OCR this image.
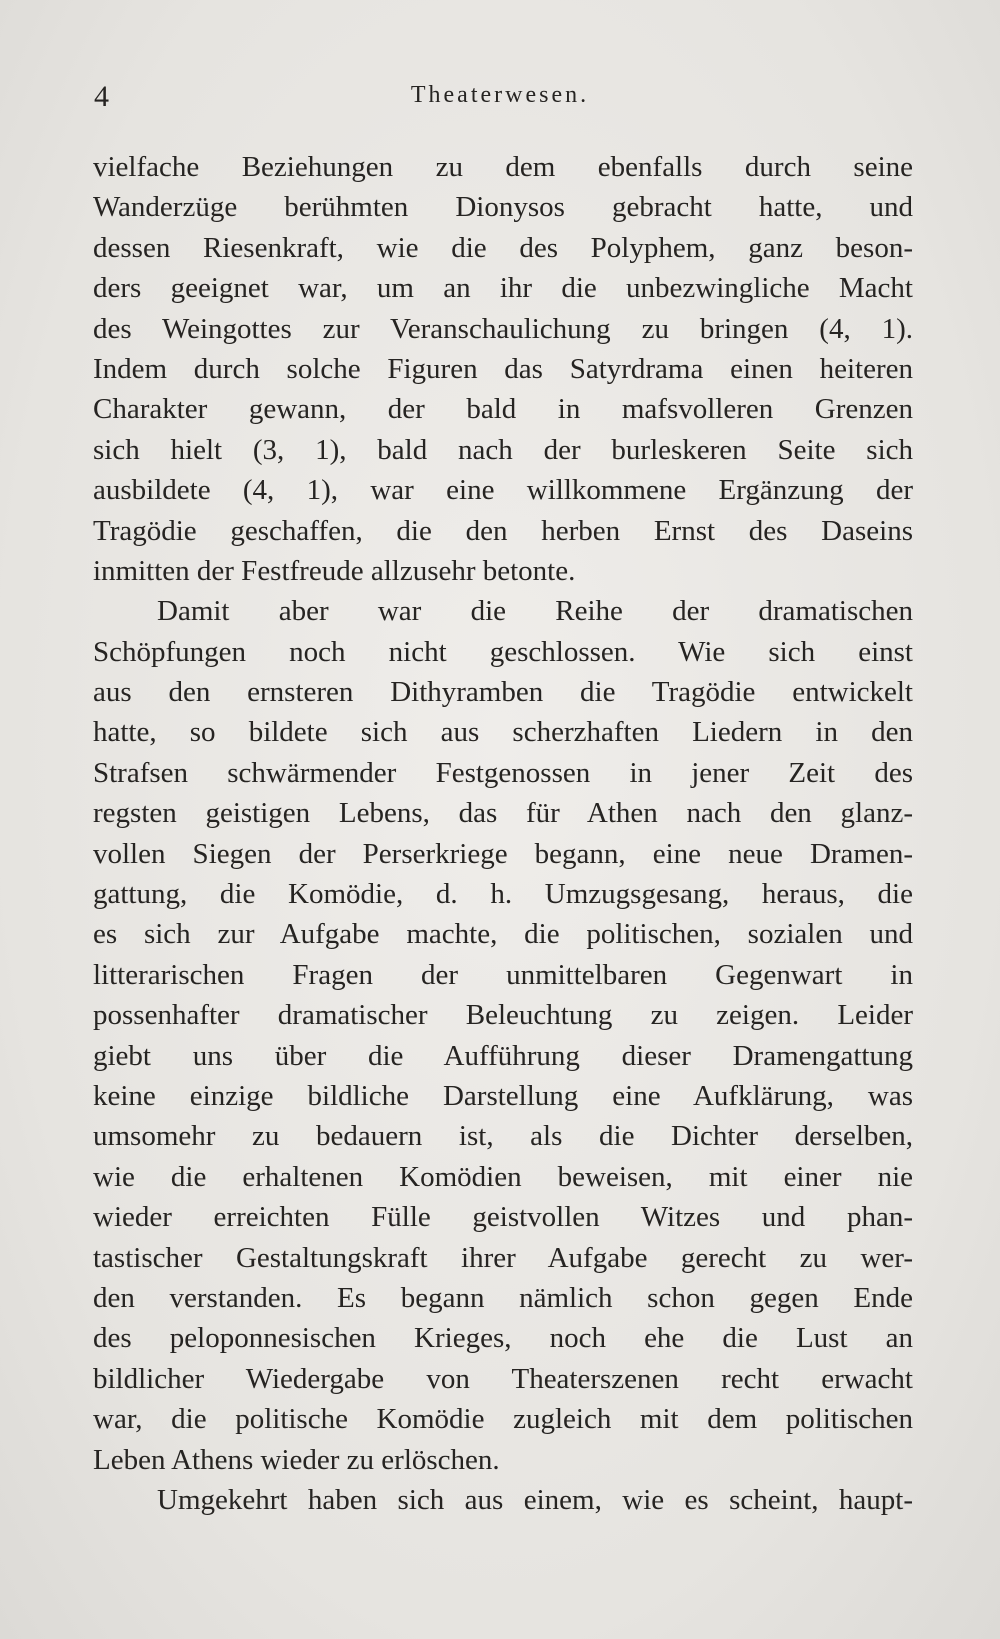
4	Theaterwesen.
vielfache Beziehungen zu dem ebenfalls durch seine
Wanderzüge berühmten Dionysos gebracht hatte, und
dessen Riesenkraft, wie die des Polyphem, ganz beson-
ders geeignet war, um an ihr die unbezwingliche Macht
des Weingottes zur Veranschaulichung zu bringen (4, 1).
Indem durch solche Figuren das Satyrdrama einen heiteren
Charakter gewann, der bald in mafsvolleren Grenzen
sich hielt (3, 1), bald nach der burleskeren Seite sich
ausbildete (4, 1), war eine willkommene Ergänzung der
Tragödie geschaffen, die den herben Ernst des Daseins
inmitten der Festfreude allzusehr betonte.
Damit aber war die Reihe der dramatischen
Schöpfungen noch nicht geschlossen. Wie sich einst
aus den ernsteren Dithyramben die Tragödie entwickelt
hatte, so bildete sich aus scherzhaften Liedern in den
Strafsen schwärmender Festgenossen in jener Zeit des
regsten geistigen Lebens, das für Athen nach den glanz-
vollen Siegen der Perserkriege begann, eine neue Dramen-
gattung, die Komödie, d. h. Umzugsgesang, heraus, die
es sich zur Aufgabe machte, die politischen, sozialen und
litterarischen Fragen der unmittelbaren Gegenwart in
possenhafter dramatischer Beleuchtung zu zeigen. Leider
giebt uns über die Aufführung dieser Dramengattung
keine einzige bildliche Darstellung eine Aufklärung, was
umsomehr zu bedauern ist, als die Dichter derselben,
wie die erhaltenen Komödien beweisen, mit einer nie
wieder erreichten Fülle geistvollen Witzes und phan-
tastischer Gestaltungskraft ihrer Aufgabe gerecht zu wer-
den verstanden. Es begann nämlich schon gegen Ende
des peloponnesischen Krieges, noch ehe die Lust an
bildlicher Wiedergabe von Theaterszenen recht erwacht
war, die politische Komödie zugleich mit dem politischen
Leben Athens wieder zu erlöschen.
Umgekehrt haben sich aus einem, wie es scheint, haupt-
